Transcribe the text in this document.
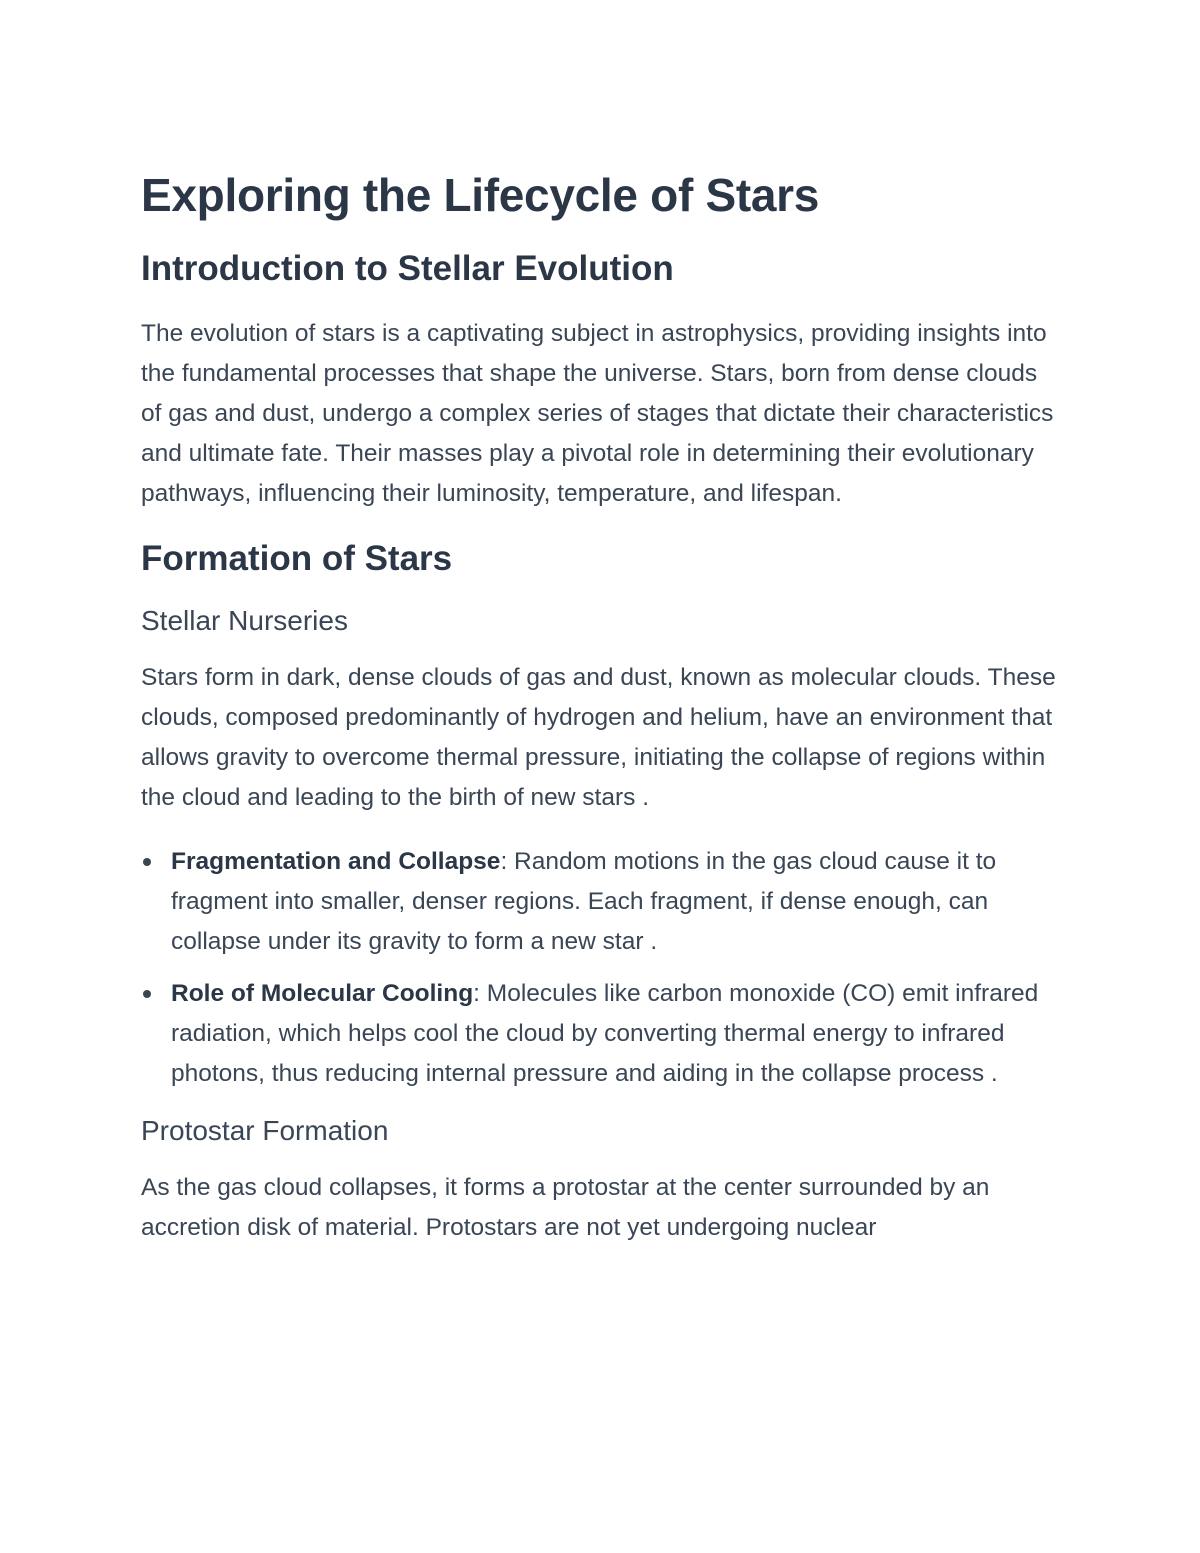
Exploring the Lifecycle of Stars
Introduction to Stellar Evolution

The evolution of stars is a captivating subject in astrophysics, providing insights into the fundamental processes that shape the universe. Stars, born from dense clouds of gas and dust, undergo a complex series of stages that dictate their characteristics and ultimate fate. Their masses play a pivotal role in determining their evolutionary pathways, influencing their luminosity, temperature, and lifespan.

Formation of Stars
Stellar Nurseries

Stars form in dark, dense clouds of gas and dust, known as molecular clouds. These clouds, composed predominantly of hydrogen and helium, have an environment that allows gravity to overcome thermal pressure, initiating the collapse of regions within the cloud and leading to the birth of new stars .

Fragmentation and Collapse: Random motions in the gas cloud cause it to fragment into smaller, denser regions. Each fragment, if dense enough, can collapse under its gravity to form a new star .
Role of Molecular Cooling: Molecules like carbon monoxide (CO) emit infrared radiation, which helps cool the cloud by converting thermal energy to infrared photons, thus reducing internal pressure and aiding in the collapse process .
Protostar Formation

As the gas cloud collapses, it forms a protostar at the center surrounded by an accretion disk of material. Protostars are not yet undergoing nuclear
